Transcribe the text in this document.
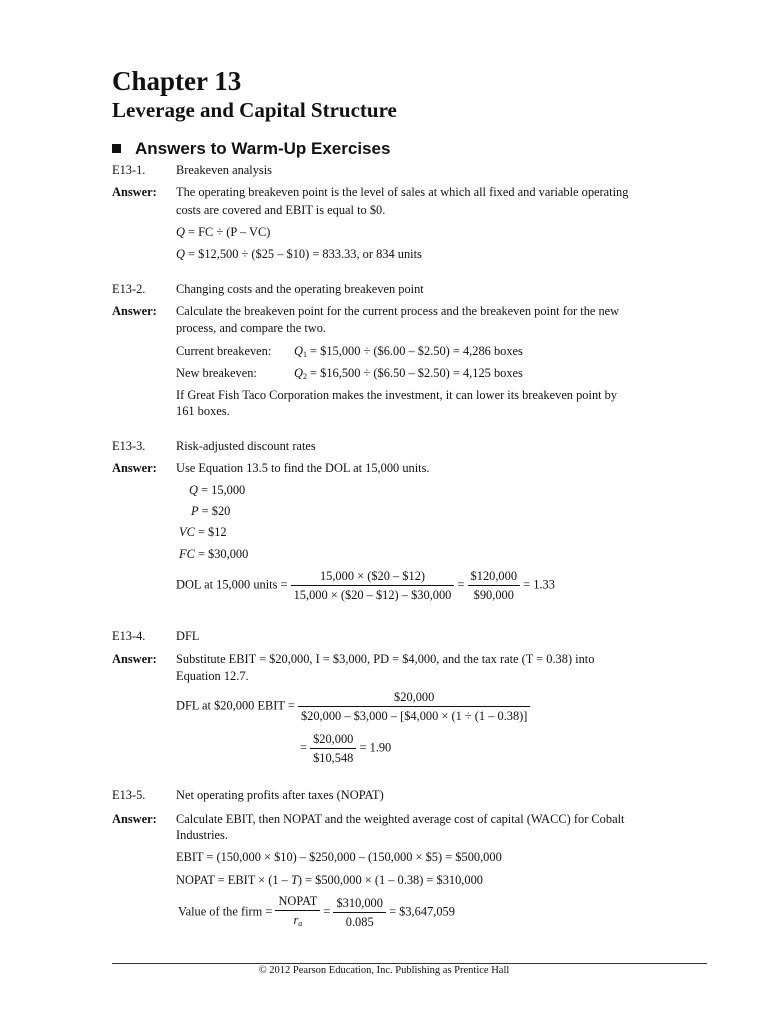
Chapter 13
Leverage and Capital Structure
Answers to Warm-Up Exercises
E13-1. Breakeven analysis
Answer: The operating breakeven point is the level of sales at which all fixed and variable operating
costs are covered and EBIT is equal to $0.
Q = FC ÷ (P – VC)
Q = $12,500 ÷ ($25 – $10) = 833.33, or 834 units
E13-2. Changing costs and the operating breakeven point
Answer: Calculate the breakeven point for the current process and the breakeven point for the new
process, and compare the two.
Current breakeven: $Q_1$ = $15,000 ÷ ($6.00 – $2.50) = 4,286 boxes
New breakeven:	$Q_2$ = $16,500 ÷ ($6.50 – $2.50) = 4,125 boxes
If Great Fish Taco Corporation makes the investment, it can lower its breakeven point by
161 boxes.
E13-3. Risk-adjusted discount rates
Answer: Use Equation 13.5 to find the DOL at 15,000 units.
Q = 15,000
P = $20
VC = $12
FC = $30,000
DOL at 15,000 units = $\frac{15,000 \times (\$20 - \$12)}{15,000 \times (\$20 - \$12) - \$30,000} = \frac{\$120,000}{\$90,000} = 1.33$
E13-4. DFL
Answer: Substitute EBIT = $20,000, I = $3,000, PD = $4,000, and the tax rate (T = 0.38) into
Equation 12.7.
DFL at $20,000 EBIT = $\frac{\$20,000}{\$20,000 - \$3,000 - [\$4,000 \times (1 \div (1 - 0.38)]}$
= $\frac{\$20,000}{\$10,548} = 1.90$
E13-5. Net operating profits after taxes (NOPAT)
Answer: Calculate EBIT, then NOPAT and the weighted average cost of capital (WACC) for Cobalt
Industries.
EBIT = (150,000 × $10) – $250,000 – (150,000 × $5) = $500,000
NOPAT = EBIT × (1 – T) = $500,000 × (1 – 0.38) = $310,000
Value of the firm = $\frac{\text{NOPAT}}{r_a} = \frac{\$310,000}{0.085}$ = $3,647,059
© 2012 Pearson Education, Inc. Publishing as Prentice Hall
